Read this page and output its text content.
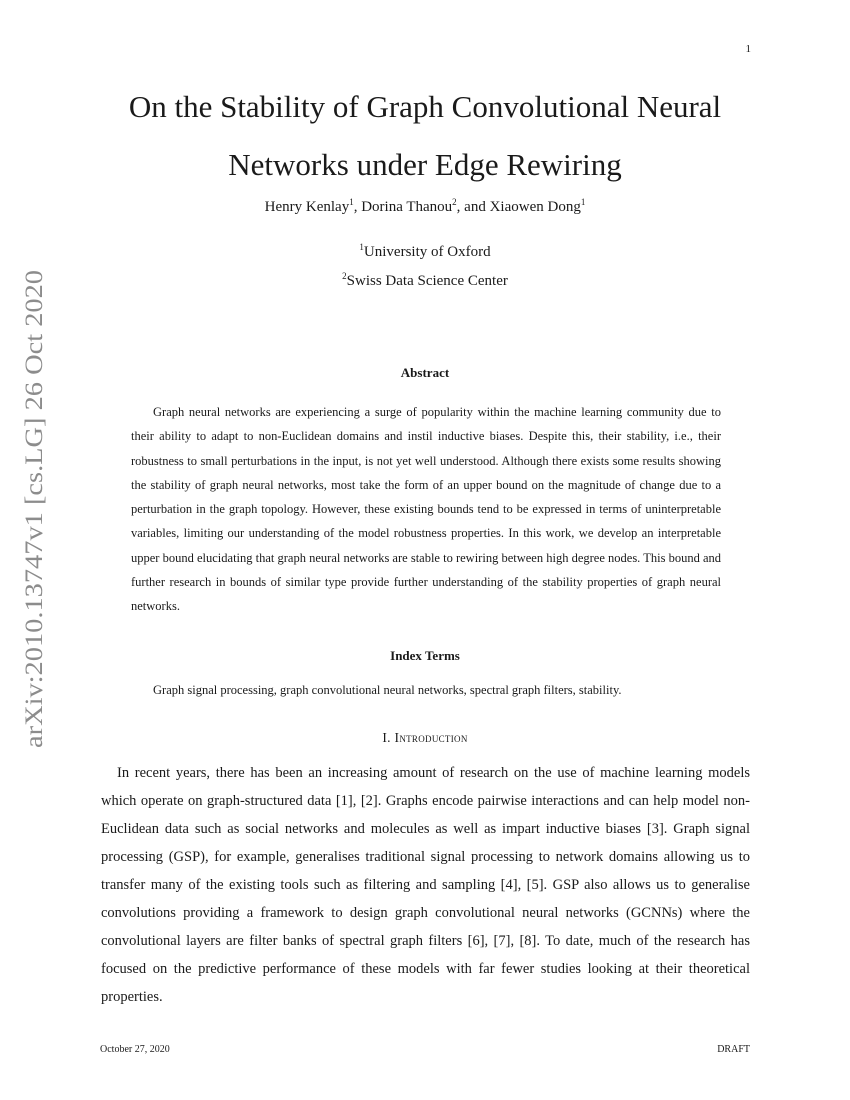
1
arXiv:2010.13747v1 [cs.LG] 26 Oct 2020
On the Stability of Graph Convolutional Neural Networks under Edge Rewiring
Henry Kenlay$^1$, Dorina Thanou$^2$, and Xiaowen Dong$^1$
$^1$University of Oxford
$^2$Swiss Data Science Center
Abstract

Graph neural networks are experiencing a surge of popularity within the machine learning community due to their ability to adapt to non-Euclidean domains and instil inductive biases. Despite this, their stability, i.e., their robustness to small perturbations in the input, is not yet well understood. Although there exists some results showing the stability of graph neural networks, most take the form of an upper bound on the magnitude of change due to a perturbation in the graph topology. However, these existing bounds tend to be expressed in terms of uninterpretable variables, limiting our understanding of the model robustness properties. In this work, we develop an interpretable upper bound elucidating that graph neural networks are stable to rewiring between high degree nodes. This bound and further research in bounds of similar type provide further understanding of the stability properties of graph neural networks.

Index Terms
Graph signal processing, graph convolutional neural networks, spectral graph filters, stability.
I. Introduction

In recent years, there has been an increasing amount of research on the use of machine learning models which operate on graph-structured data [1], [2]. Graphs encode pairwise interactions and can help model non-Euclidean data such as social networks and molecules as well as impart inductive biases [3]. Graph signal processing (GSP), for example, generalises traditional signal processing to network domains allowing us to transfer many of the existing tools such as filtering and sampling [4], [5]. GSP also allows us to generalise convolutions providing a framework to design graph convolutional neural networks (GCNNs) where the convolutional layers are filter banks of spectral graph filters [6], [7], [8]. To date, much of the research has focused on the predictive performance of these models with far fewer studies looking at their theoretical properties.

October 27, 2020	DRAFT
